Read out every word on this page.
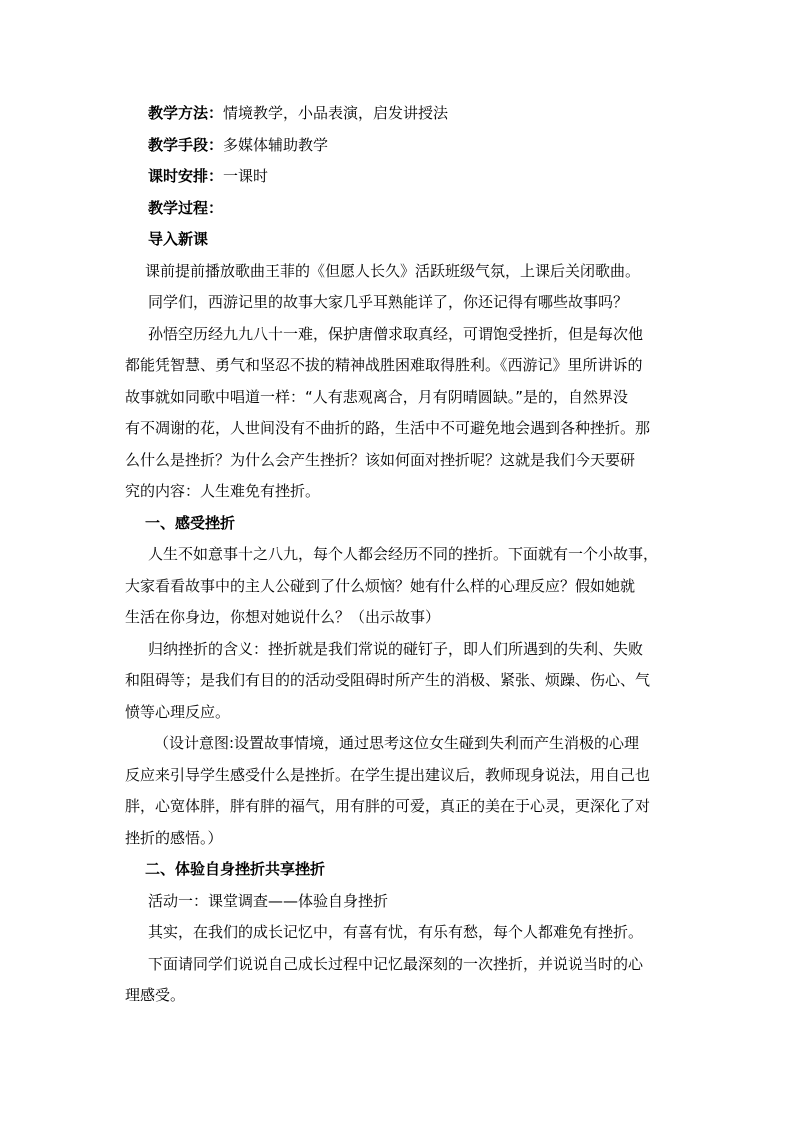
教学方法：情境教学，小品表演，启发讲授法
教学手段：多媒体辅助教学
课时安排：一课时
教学过程：
导入新课
课前提前播放歌曲王菲的《但愿人长久》活跃班级气氛，上课后关闭歌曲。
同学们，西游记里的故事大家几乎耳熟能详了，你还记得有哪些故事吗？
孙悟空历经九九八十一难，保护唐僧求取真经，可谓饱受挫折，但是每次他
都能凭智慧、勇气和坚忍不拔的精神战胜困难取得胜利。《西游记》里所讲诉的
故事就如同歌中唱道一样：“人有悲观离合，月有阴晴圆缺。”是的，自然界没
有不凋谢的花，人世间没有不曲折的路，生活中不可避免地会遇到各种挫折。那
么什么是挫折？为什么会产生挫折？该如何面对挫折呢？这就是我们今天要研
究的内容：人生难免有挫折。
一、感受挫折
人生不如意事十之八九，每个人都会经历不同的挫折。下面就有一个小故事，
大家看看故事中的主人公碰到了什么烦恼？她有什么样的心理反应？假如她就
生活在你身边，你想对她说什么？（出示故事）
归纳挫折的含义：挫折就是我们常说的碰钉子，即人们所遇到的失利、失败
和阻碍等；是我们有目的的活动受阻碍时所产生的消极、紧张、烦躁、伤心、气
愤等心理反应。
（设计意图:设置故事情境，通过思考这位女生碰到失利而产生消极的心理
反应来引导学生感受什么是挫折。在学生提出建议后，教师现身说法，用自己也
胖，心宽体胖，胖有胖的福气，用有胖的可爱，真正的美在于心灵，更深化了对
挫折的感悟。）
二、体验自身挫折共享挫折
活动一：课堂调查——体验自身挫折
其实，在我们的成长记忆中，有喜有忧，有乐有愁，每个人都难免有挫折。
下面请同学们说说自己成长过程中记忆最深刻的一次挫折，并说说当时的心
理感受。
